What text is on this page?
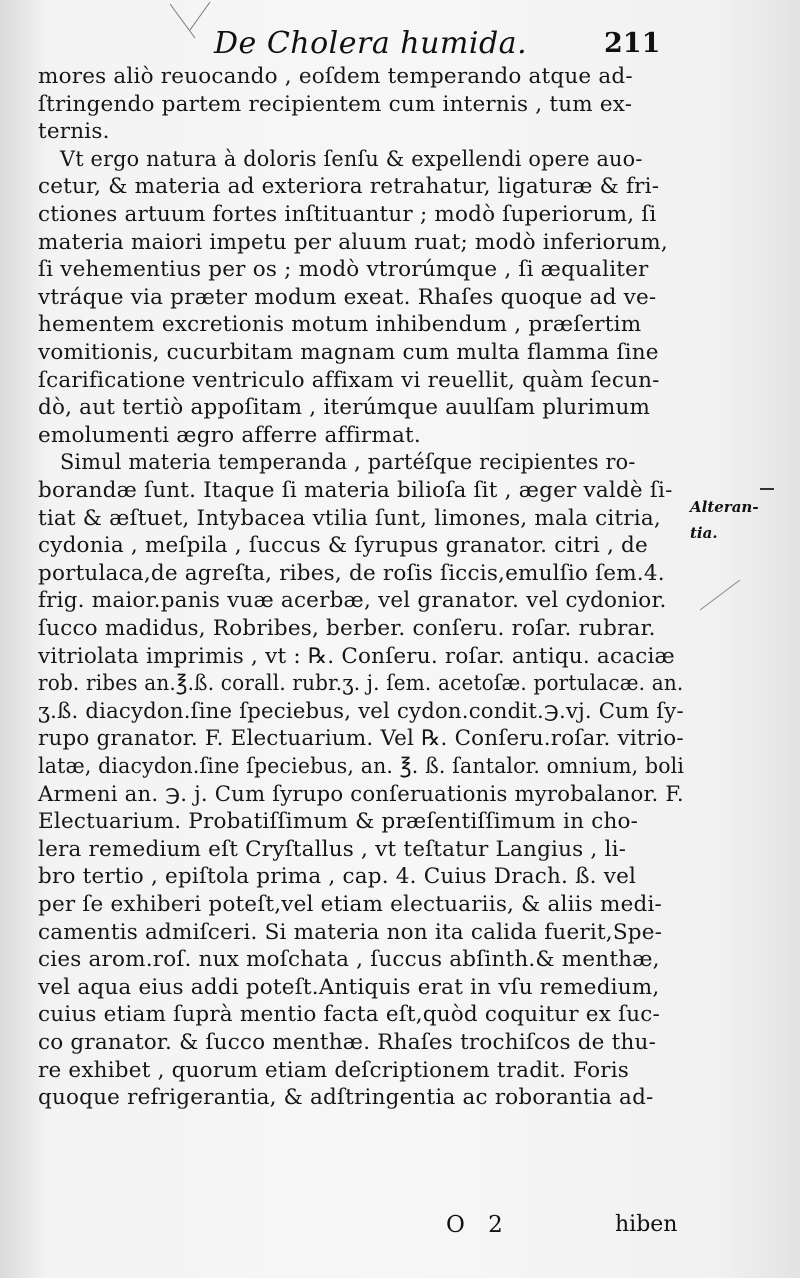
De Cholera humida.	211
mores aliò reuocando , eoſdem temperando atque ad-
ſtringendo partem recipientem cum internis , tum ex-
ternis.
Vt ergo natura à doloris ſenſu & expellendi opere auo-
cetur, & materia ad exteriora retrahatur, ligaturæ & fri-
ctiones artuum fortes inſtituantur ; modò ſuperiorum, ſi
materia maiori impetu per aluum ruat; modò inferiorum,
ſi vehementius per os ; modò vtrorúmque , ſi æqualiter
vtráque via præter modum exeat. Rhaſes quoque ad ve-
hementem excretionis motum inhibendum , præſertim
vomitionis, cucurbitam magnam cum multa flamma ſine
ſcarificatione ventriculo affixam vi reuellit, quàm ſecun-
dò, aut tertiò appoſitam , iterúmque auulſam plurimum
emolumenti ægro afferre affirmat.
Simul materia temperanda , partéſque recipientes ro-
borandæ ſunt. Itaque ſi materia bilioſa ſit , æger valdè ſi-
tiat & æſtuet, Intybacea vtilia ſunt, limones, mala citria,
cydonia , meſpila , ſuccus & ſyrupus granator. citri , de
portulaca,de agreſta, ribes, de roſis ſiccis,emulſio ſem.4.
frig. maior.panis vuæ acerbæ, vel granator. vel cydonior.
ſucco madidus, Robribes, berber. conſeru. roſar. rubrar.
vitriolata imprimis , vt : ℞. Conſeru. roſar. antiqu. acaciæ
rob. ribes an.℥.ß. corall. rubr.ʒ. j. ſem. acetoſæ. portulacæ. an.
ʒ.ß. diacydon.ſine ſpeciebus, vel cydon.condit.℈.vj. Cum ſy-
rupo granator. F. Electuarium. Vel ℞. Conſeru.roſar. vitrio-
latæ, diacydon.ſine ſpeciebus, an. ℥. ß. ſantalor. omnium, boli
Armeni an. ℈. j. Cum ſyrupo conſeruationis myrobalanor. F.
Electuarium. Probatiſſimum & præſentiſſimum in cho-
lera remedium eſt Cryſtallus , vt teſtatur Langius , li-
bro tertio , epiſtola prima , cap. 4. Cuius Drach. ß. vel
per ſe exhiberi poteſt,vel etiam electuariis, & aliis medi-
camentis admiſceri. Si materia non ita calida fuerit,Spe-
cies arom.roſ. nux moſchata , ſuccus abſinth.& menthæ,
vel aqua eius addi poteſt.Antiquis erat in vſu remedium,
cuius etiam ſuprà mentio facta eſt,quòd coquitur ex ſuc-
co granator. & ſucco menthæ. Rhaſes trochiſcos de thu-
re exhibet , quorum etiam deſcriptionem tradit. Foris
quoque refrigerantia, & adſtringentia ac roborantia ad-
Alteran-
tia.
O 2	hiben
